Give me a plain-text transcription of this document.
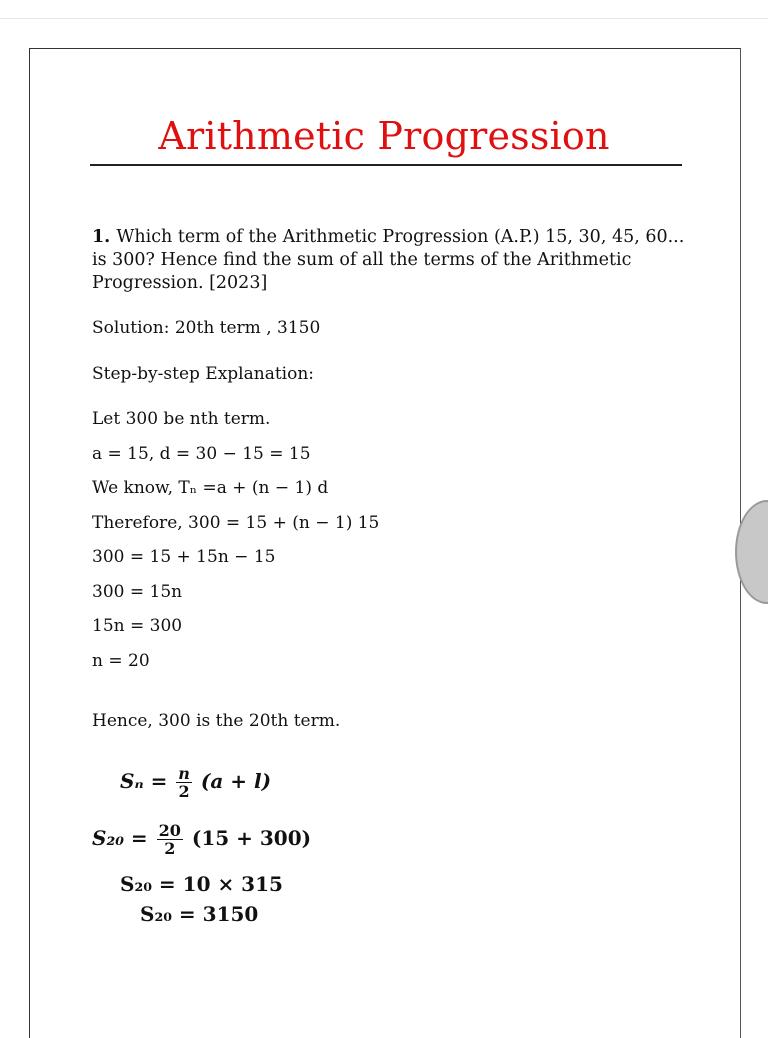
Arithmetic Progression
1. Which term of the Arithmetic Progression (A.P.) 15, 30, 45, 60... is 300? Hence find the sum of all the terms of the Arithmetic Progression. [2023]
Solution: 20th term , 3150
Step-by-step Explanation:
Let 300 be nth term.
a = 15, d = 30 − 15 = 15
We know, Tₙ =a + (n − 1) d
Therefore, 300 = 15 + (n − 1) 15
300 = 15 + 15n − 15
300 = 15n
15n = 300
n = 20
Hence, 300 is the 20th term.
$S_n = \frac{n}{2} (a + l)$
$S_{20} = \frac{20}{2} (15 + 300)$
S₂₀ = 10 × 315
S₂₀ = 3150
